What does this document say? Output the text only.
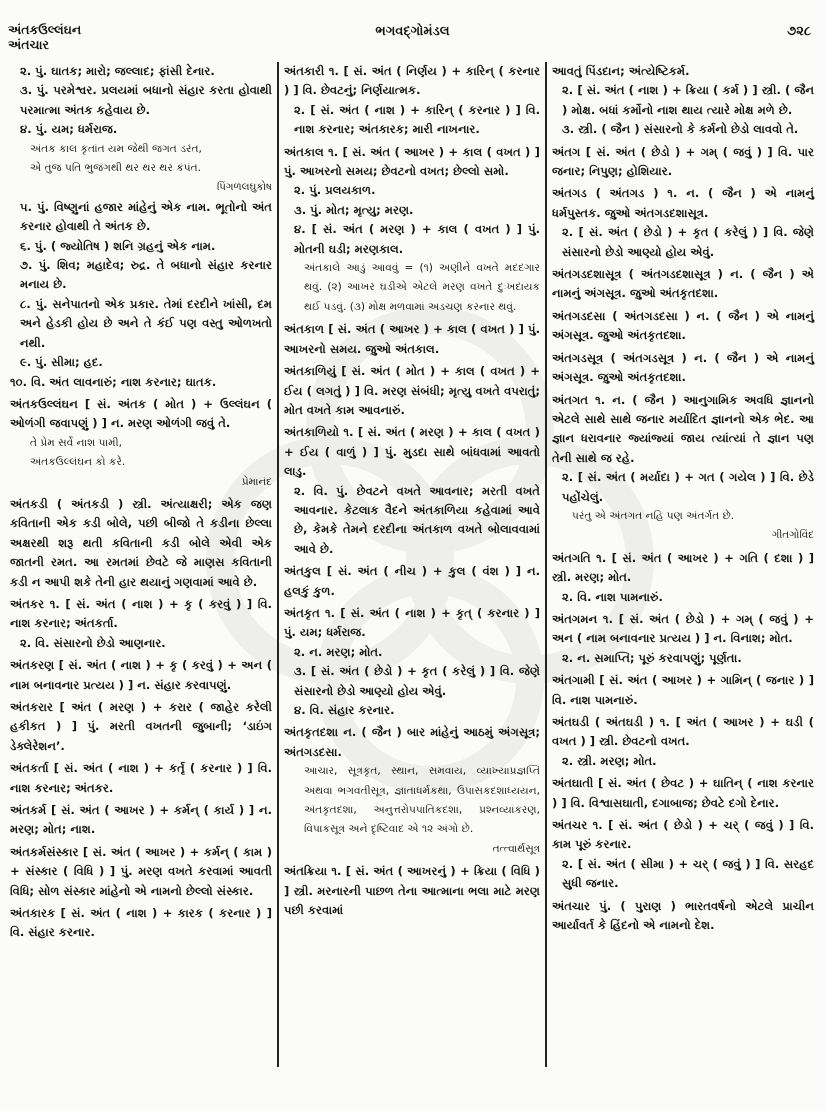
અંતકઉલ્લંઘન
અંતચાર
ભગવદ્ગોમંડલ	૭૨૮
૨. પું. ઘાતક; મારો; જલ્લાદ; ફાંસી દેનાર.
૩. પું. પરમેશ્વર. પ્રલયમાં બધાનો સંહાર કરતા હોવાથી પરમાત્મા અંતક કહેવાય છે.
૪. પું. યમ; ધર્મરાજ.
અંતક કાલ કૃતાંત યમ જેથી જગત ડરંત,
એ તુજ પતિ ભુજંગથી થર થર થર કંપંત.
પિંગળલઘુકોષ
૫. પું. વિષ્ણુનાં હજાર માંહેનું એક નામ. ભૂતોનો અંત કરનાર હોવાથી તે અંતક છે.
૬. પું. ( જ્યોતિષ ) શનિ ગ્રહનું એક નામ.
૭. પું. શિવ; મહાદેવ; રુદ્ર. તે બધાનો સંહાર કરનાર મનાય છે.
૮. પું. સનેપાતનો એક પ્રકાર. તેમાં દરદીને ખાંસી, દમ અને હેડકી હોય છે અને તે કંઈ પણ વસ્તુ ઓળખતો નથી.
૯. પું. સીમા; હદ.
૧૦. વિ. અંત લાવનારું; નાશ કરનાર; ઘાતક.
અંતકઉલ્લંઘન [ સં. અંતક ( મોત ) + ઉલ્લંઘન ( ઓળંગી જવાપણું ) ] ન. મરણ ઓળંગી જવું તે.
તે પ્રેમ સર્વે નાશ પામી,
અંતકઉલ્લંઘન કો કરે.
પ્રેમાનંદ
અંતકડી ( અંતકડી ) સ્ત્રી. અંત્યાક્ષરી; એક જણ કવિતાની એક કડી બોલે, પછી બીજો તે કડીના છેલ્લા અક્ષરથી શરૂ થતી કવિતાની કડી બોલે એવી એક જાતની રમત. આ રમતમાં છેવટે જે માણસ કવિતાની કડી ન આપી શકે તેની હાર થયાનું ગણવામાં આવે છે.
અંતકર ૧. [ સં. અંત ( નાશ ) + કૃ ( કરવું ) ] વિ. નાશ કરનાર; અંતકર્તા.
૨. વિ. સંસારનો છેડો આણનાર.
અંતકરણ [ સં. અંત ( નાશ ) + કૃ ( કરવું ) + અન ( નામ બનાવનાર પ્રત્યય ) ] ન. સંહાર કરવાપણું.
અંતકરાર [ અંત ( મરણ ) + કરાર ( જાહેર કરેલી હકીકત ) ] પું. મરતી વખતની જુબાની; ‘ડાઇંગ ડેક્લેરેશન’.
અંતકર્તા [ સં. અંત ( નાશ ) + કર્તૃ ( કરનાર ) ] વિ. નાશ કરનાર; અંતકર.
અંતકર્મ [ સં. અંત ( આખર ) + કર્મન્ ( કાર્ય ) ] ન. મરણ; મોત; નાશ.
અંતકર્મસંસ્કાર [ સં. અંત ( આખર ) + કર્મન્ ( કામ ) + સંસ્કાર ( વિધિ ) ] પું. મરણ વખતે કરવામાં આવતી વિધિ; સોળ સંસ્કાર માંહેનો એ નામનો છેલ્લો સંસ્કાર.
અંતકારક [ સં. અંત ( નાશ ) + કારક ( કરનાર ) ] વિ. સંહાર કરનાર.
અંતકારી ૧. [ સં. અંત ( નિર્ણય ) + કારિન્ ( કરનાર ) ] વિ. છેવટનું; નિર્ણયાત્મક.
૨. [ સં. અંત ( નાશ ) + કારિન્ ( કરનાર ) ] વિ. નાશ કરનાર; અંતકારક; મારી નાખનાર.
અંતકાલ ૧. [ સં. અંત ( આખર ) + કાલ ( વખત ) ] પું. આખરનો સમય; છેવટનો વખત; છેલ્લો સમો.
૨. પું. પ્રલયકાળ.
૩. પું. મોત; મૃત્યુ; મરણ.
૪. [ સં. અંત ( મરણ ) + કાલ ( વખત ) ] પું. મોતની ઘડી; મરણકાલ.
અંતકાલે આડું આવવું = (૧) અણીને વખતે મદદગાર થવું. (૨) આખર ઘડીએ એટલે મરણ વખતે દુઃખદાયક થઈ પડવું. (૩) મોક્ષ મળવામાં અડચણ કરનાર થવું.
અંતકાળ [ સં. અંત ( આખર ) + કાલ ( વખત ) ] પું. આખરનો સમય. જુઓ અંતકાલ.
અંતકાળિયું [ સં. અંત ( મોત ) + કાલ ( વખત ) + ઈય ( લગતું ) ] વિ. મરણ સંબંધી; મૃત્યુ વખતે વપરાતું; મોત વખતે કામ આવનારું.
અંતકાળિયો ૧. [ સં. અંત ( મરણ ) + કાલ ( વખત ) + ઈય ( વાળું ) ] પું. મુડદા સાથે બાંધવામાં આવતો લાડુ.
૨. વિ. પું. છેવટને વખતે આવનાર; મરતી વખતે આવનાર. કેટલાક વૈદને અંતકાળિયા કહેવામાં આવે છે, કેમકે તેમને દરદીના અંતકાળ વખતે બોલાવવામાં આવે છે.
અંતકુલ [ સં. અંત ( નીચ ) + કુલ ( વંશ ) ] ન. હલકું કુળ.
અંતકૃત ૧. [ સં. અંત ( નાશ ) + કૃત્ ( કરનાર ) ] પું. યમ; ધર્મરાજ.
૨. ન. મરણ; મોત.
૩. [ સં. અંત ( છેડો ) + કૃત ( કરેલું ) ] વિ. જેણે સંસારનો છેડો આણ્યો હોય એવું.
૪. વિ. સંહાર કરનાર.
અંતકૃતદશા ન. ( જૈન ) બાર માંહેનું આઠમું અંગસૂત્ર; અંતગડદસા.
આચાર, સૂત્રકૃત, સ્થાન, સમવાય, વ્યાખ્યાપ્રજ્ઞપ્તિ અથવા ભગવતીસૂત્ર, જ્ઞાતાધર્મકથા, ઉપાસકદશાધ્યયન, અંતકૃતદશા, અનુત્તરોપપાતિકદશા, પ્રશ્નવ્યાકરણ, વિપાકસૂત્ર અને દૃષ્ટિવાદ એ ૧૨ અંગો છે.
તત્ત્વાર્થસૂત્ર
અંતક્રિયા ૧. [ સં. અંત ( આખરનું ) + ક્રિયા ( વિધિ ) ] સ્ત્રી. મરનારની પાછળ તેના આત્માના ભલા માટે મરણ પછી કરવામાં
આવતું પિંડદાન; અંત્યેષ્ટિકર્મ.
૨. [ સં. અંત ( નાશ ) + ક્રિયા ( કર્મ ) ] સ્ત્રી. ( જૈન ) મોક્ષ. બધાં કર્મોનો નાશ થાય ત્યારે મોક્ષ મળે છે.
૩. સ્ત્રી. ( જૈન ) સંસારનો કે કર્મનો છેડો લાવવો તે.
અંતગ [ સં. અંત ( છેડો ) + ગમ્ ( જવું ) ] વિ. પાર જનાર; નિપુણ; હોશિયાર.
અંતગડ ( અંતગડ ) ૧. ન. ( જૈન ) એ નામનું ધર્મપુસ્તક. જુઓ અંતગડદશાસૂત્ર.
૨. [ સં. અંત ( છેડો ) + કૃત ( કરેલું ) ] વિ. જેણે સંસારનો છેડો આણ્યો હોય એવું.
અંતગડદશાસૂત્ર ( અંતગડદશાસૂત્ર ) ન. ( જૈન ) એ નામનું અંગસૂત્ર. જુઓ અંતકૃતદશા.
અંતગડદસા ( અંતગડદસા ) ન. ( જૈન ) એ નામનું અંગસૂત્ર. જુઓ અંતકૃતદશા.
અંતગડસૂત્ર ( અંતગડસૂત્ર ) ન. ( જૈન ) એ નામનું અંગસૂત્ર. જુઓ અંતકૃતદશા.
અંતગત ૧. ન. ( જૈન ) આનુગામિક અવધિ જ્ઞાનનો એટલે સાથે સાથે જનાર મર્યાદિત જ્ઞાનનો એક ભેદ. આ જ્ઞાન ધરાવનાર જ્યાંજ્યાં જાય ત્યાંત્યાં તે જ્ઞાન પણ તેની સાથે જ રહે.
૨. [ સં. અંત ( મર્યાદા ) + ગત ( ગયેલ ) ] વિ. છેડે પહોંચેલું.
પરંતુ એ અંતગત નહિ પણ અંતર્ગત છે.
ગીતગોવિંદ
અંતગતિ ૧. [ સં. અંત ( આખર ) + ગતિ ( દશા ) ] સ્ત્રી. મરણ; મોત.
૨. વિ. નાશ પામનારું.
અંતગમન ૧. [ સં. અંત ( છેડો ) + ગમ્ ( જવું ) + અન ( નામ બનાવનાર પ્રત્યય ) ] ન. વિનાશ; મોત.
૨. ન. સમાપ્તિ; પૂરું કરવાપણું; પૂર્ણતા.
અંતગામી [ સં. અંત ( આખર ) + ગામિન્ ( જનાર ) ] વિ. નાશ પામનારું.
અંતઘડી ( અંતઘડી ) ૧. [ અંત ( આખર ) + ઘડી ( વખત ) ] સ્ત્રી. છેવટનો વખત.
૨. સ્ત્રી. મરણ; મોત.
અંતઘાતી [ સં. અંત ( છેવટ ) + ઘાતિન્ ( નાશ કરનાર ) ] વિ. વિશ્વાસઘાતી, દગાબાજ; છેવટે દગો દેનાર.
અંતચર ૧. [ સં. અંત ( છેડો ) + ચર્ ( જવું ) ] વિ. કામ પૂરું કરનાર.
૨. [ સં. અંત ( સીમા ) + ચર્ ( જવું ) ] વિ. સરહદ સુધી જનાર.
અંતચાર પું. ( પુરાણ ) ભારતવર્ષનો એટલે પ્રાચીન આર્યાવર્ત કે હિંદનો એ નામનો દેશ.
